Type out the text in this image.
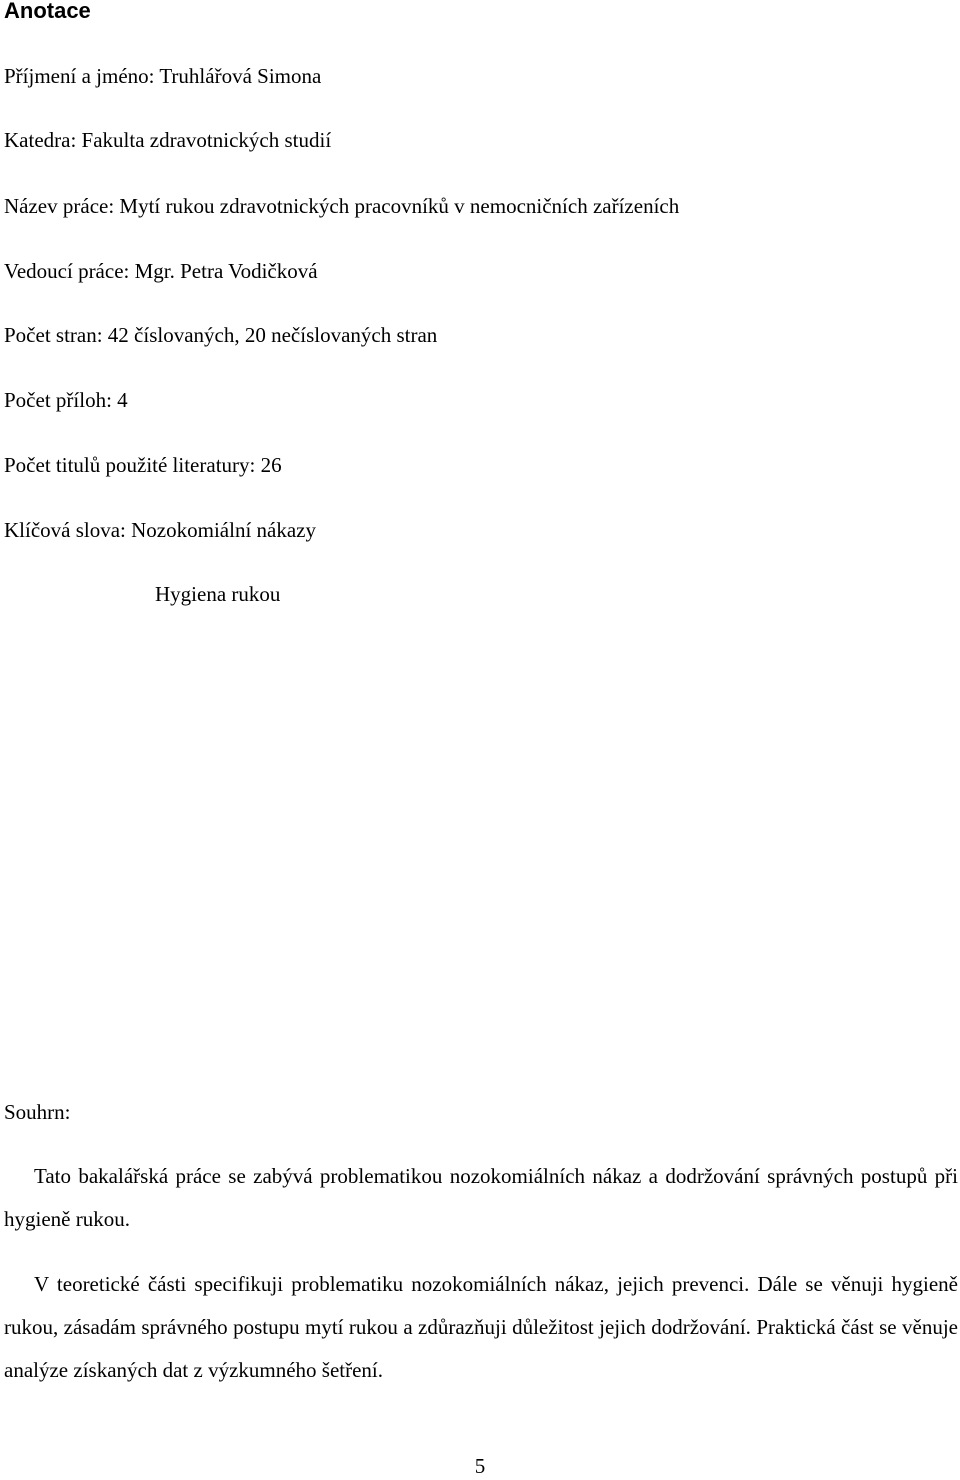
Anotace

Příjmení a jméno: Truhlářová Simona

Katedra: Fakulta zdravotnických studií

Název práce: Mytí rukou zdravotnických pracovníků v nemocničních zařízeních

Vedoucí práce: Mgr. Petra Vodičková

Počet stran: 42 číslovaných, 20 nečíslovaných stran

Počet příloh: 4

Počet titulů použité literatury: 26

Klíčová slova: Nozokomiální nákazy

Hygiena rukou

Souhrn:

Tato bakalářská práce se zabývá problematikou nozokomiálních nákaz a dodržování správných postupů při hygieně rukou.

V teoretické části specifikuji problematiku nozokomiálních nákaz, jejich prevenci. Dále se věnuji hygieně rukou, zásadám správného postupu mytí rukou a zdůrazňuji důležitost jejich dodržování. Praktická část se věnuje analýze získaných dat z výzkumného šetření.

5
